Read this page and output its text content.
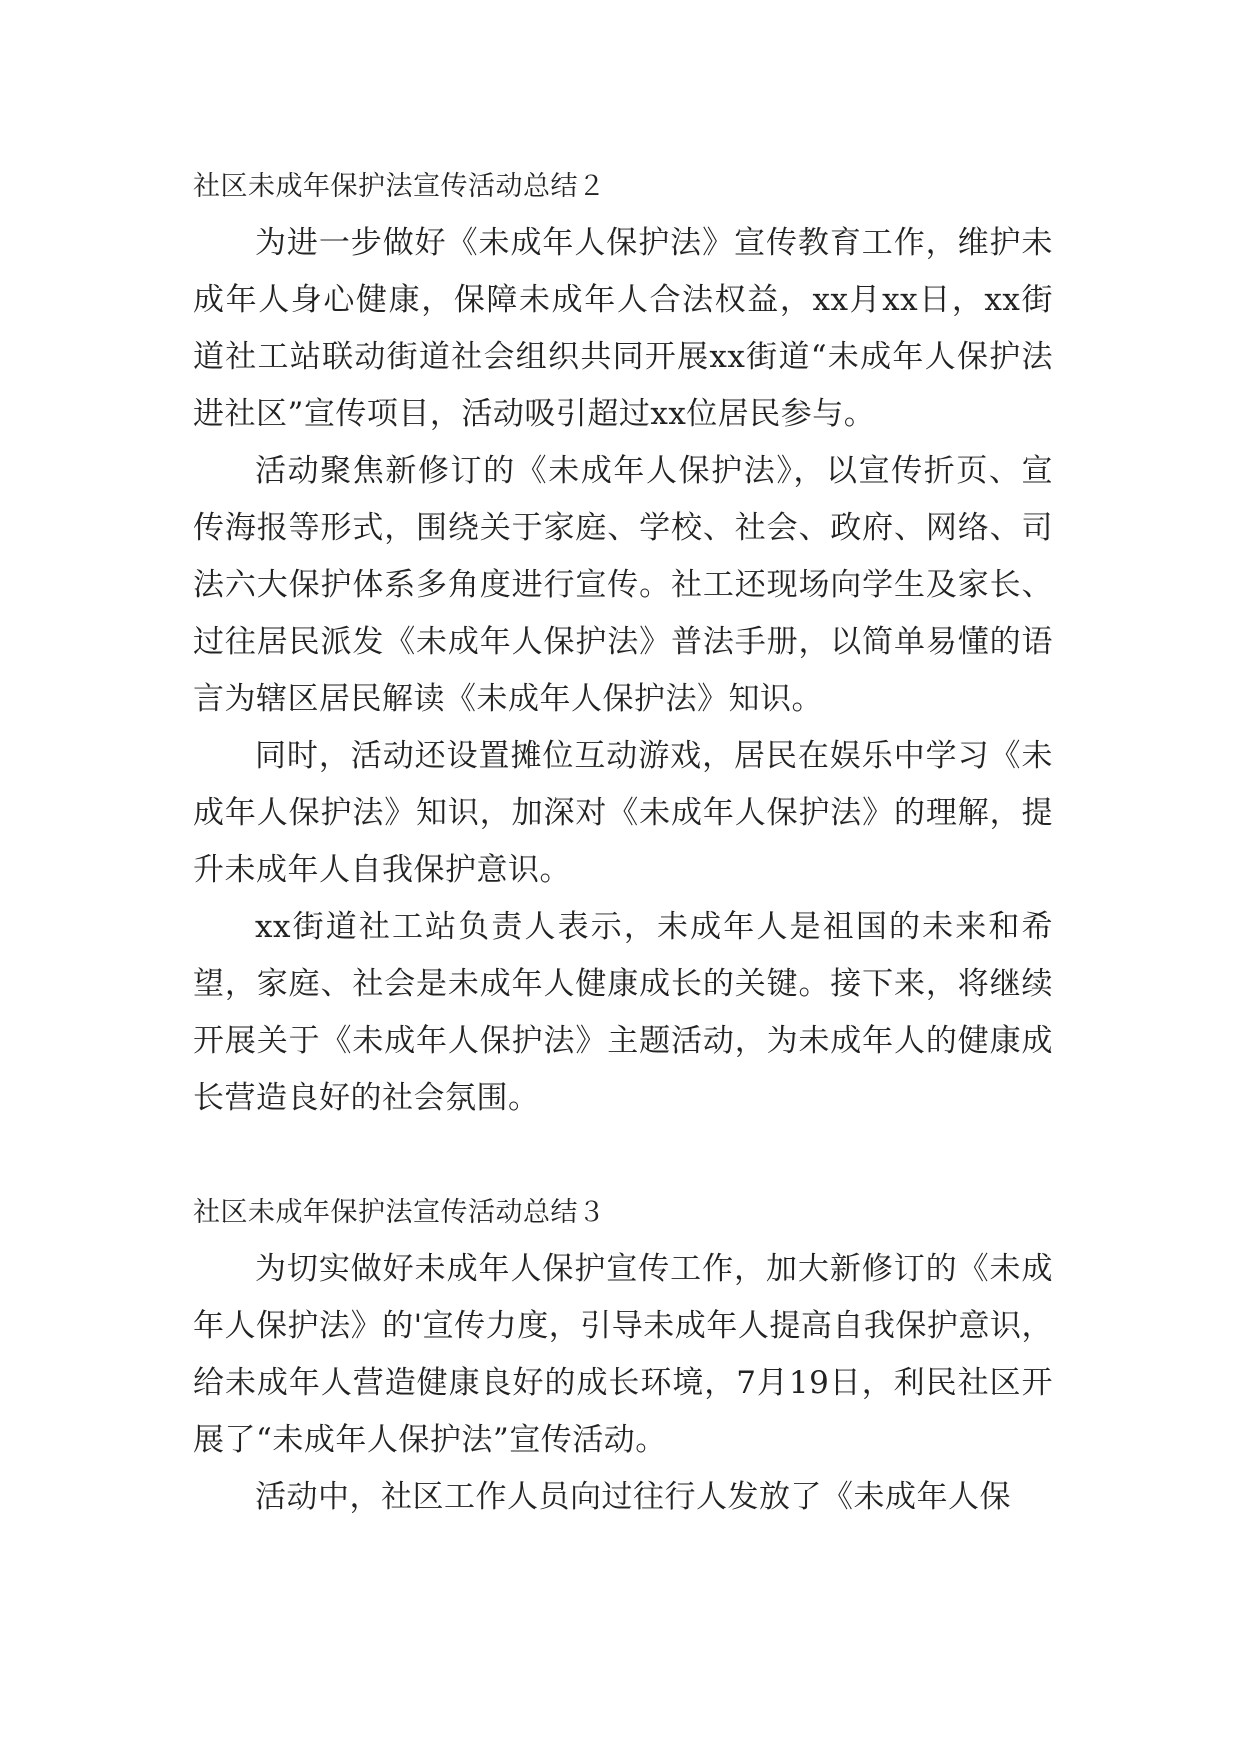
社区未成年保护法宣传活动总结２

为进一步做好《未成年人保护法》宣传教育工作，维护未成年人身心健康，保障未成年人合法权益，xx月xx日，xx街道社工站联动街道社会组织共同开展xx街道“未成年人保护法进社区”宣传项目，活动吸引超过xx位居民参与。

活动聚焦新修订的《未成年人保护法》，以宣传折页、宣传海报等形式，围绕关于家庭、学校、社会、政府、网络、司法六大保护体系多角度进行宣传。社工还现场向学生及家长、过往居民派发《未成年人保护法》普法手册，以简单易懂的语言为辖区居民解读《未成年人保护法》知识。

同时，活动还设置摊位互动游戏，居民在娱乐中学习《未成年人保护法》知识，加深对《未成年人保护法》的理解，提升未成年人自我保护意识。

xx街道社工站负责人表示，未成年人是祖国的未来和希望，家庭、社会是未成年人健康成长的关键。接下来，将继续开展关于《未成年人保护法》主题活动，为未成年人的健康成长营造良好的社会氛围。

社区未成年保护法宣传活动总结３

为切实做好未成年人保护宣传工作，加大新修订的《未成年人保护法》的'宣传力度，引导未成年人提高自我保护意识，给未成年人营造健康良好的成长环境，7月19日，利民社区开展了“未成年人保护法”宣传活动。

活动中，社区工作人员向过往行人发放了《未成年人保
